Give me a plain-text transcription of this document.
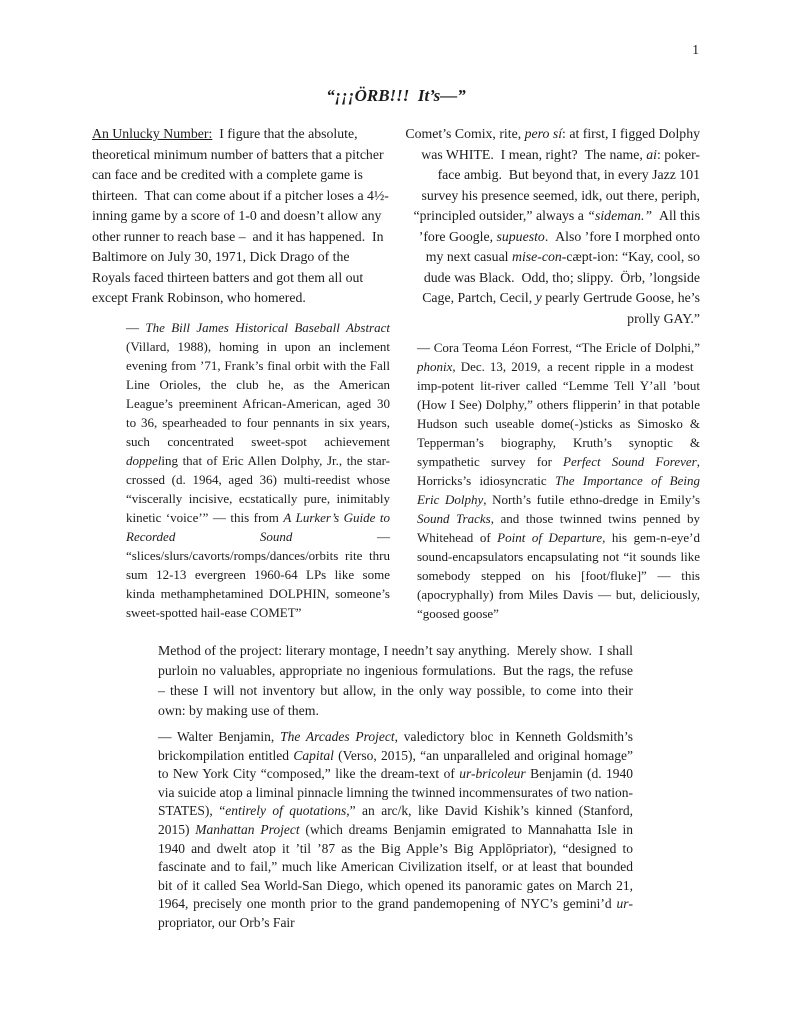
1
“¡¡¡ÖRB!!! It’s—”

An Unlucky Number: I figure that the absolute, theoretical minimum number of batters that a pitcher can face and be credited with a complete game is thirteen. That can come about if a pitcher loses a 4½-inning game by a score of 1-0 and doesn’t allow any other runner to reach base – and it has happened. In Baltimore on July 30, 1971, Dick Drago of the Royals faced thirteen batters and got them all out except Frank Robinson, who homered.

— The Bill James Historical Baseball Abstract (Villard, 1988), homing in upon an inclement evening from ’71, Frank’s final orbit with the Fall Line Orioles, the club he, as the American League’s preeminent African-American, aged 30 to 36, spearheaded to four pennants in six years, such concentrated sweet-spot achievement doppeling that of Eric Allen Dolphy, Jr., the star-crossed (d. 1964, aged 36) multi-reedist whose “viscerally incisive, ecstatically pure, inimitably kinetic ‘voice’” — this from A Lurker’s Guide to Recorded Sound — “slices/slurs/cavorts/romps/dances/orbits rite thru sum 12-13 evergreen 1960-64 LPs like some kinda methamphetamined DOLPHIN, someone’s sweet-spotted hail-ease COMET”

Comet’s Comix, rite, pero sí: at first, I figged Dolphy was WHITE. I mean, right? The name, ai: poker-face ambig. But beyond that, in every Jazz 101 survey his presence seemed, idk, out there, periph, “principled outsider,” always a “sideman.” All this ’fore Google, supuesto. Also ’fore I morphed onto my next casual mise-con-cæpt-ion: “Kay, cool, so dude was Black. Odd, tho; slippy. Örb, ’longside Cage, Partch, Cecil, y pearly Gertrude Goose, he’s prolly GAY.”

— Cora Teoma Léon Forrest, “The Ericle of Dolphi,” phonix, Dec. 13, 2019, a recent ripple in a modest imp-potent lit-river called “Lemme Tell Y’all ’bout (How I See) Dolphy,” others flipperin’ in that potable Hudson such useable dome(-)sticks as Simosko & Tepperman’s biography, Kruth’s synoptic & sympathetic survey for Perfect Sound Forever, Horricks’s idiosyncratic The Importance of Being Eric Dolphy, North’s futile ethno-dredge in Emily’s Sound Tracks, and those twinned twins penned by Whitehead of Point of Departure, his gem-n-eye’d sound-encapsulators encapsulating not “it sounds like somebody stepped on his [foot/fluke]” — this (apocryphally) from Miles Davis — but, deliciously, “goosed goose”

Method of the project: literary montage, I needn’t say anything. Merely show. I shall purloin no valuables, appropriate no ingenious formulations. But the rags, the refuse – these I will not inventory but allow, in the only way possible, to come into their own: by making use of them.

— Walter Benjamin, The Arcades Project, valedictory bloc in Kenneth Goldsmith’s brickompilation entitled Capital (Verso, 2015), “an unparalleled and original homage” to New York City “composed,” like the dream-text of ur-bricoleur Benjamin (d. 1940 via suicide atop a liminal pinnacle limning the twinned incommensurates of two nation-STATES), “entirely of quotations,” an arc/k, like David Kishik’s kinned (Stanford, 2015) Manhattan Project (which dreams Benjamin emigrated to Mannahatta Isle in 1940 and dwelt atop it ’til ’87 as the Big Apple’s Big Applōpriator), “designed to fascinate and to fail,” much like American Civilization itself, or at least that bounded bit of it called Sea World-San Diego, which opened its panoramic gates on March 21, 1964, precisely one month prior to the grand pandemopening of NYC’s gemini’d ur-propriator, our Orb’s Fair
